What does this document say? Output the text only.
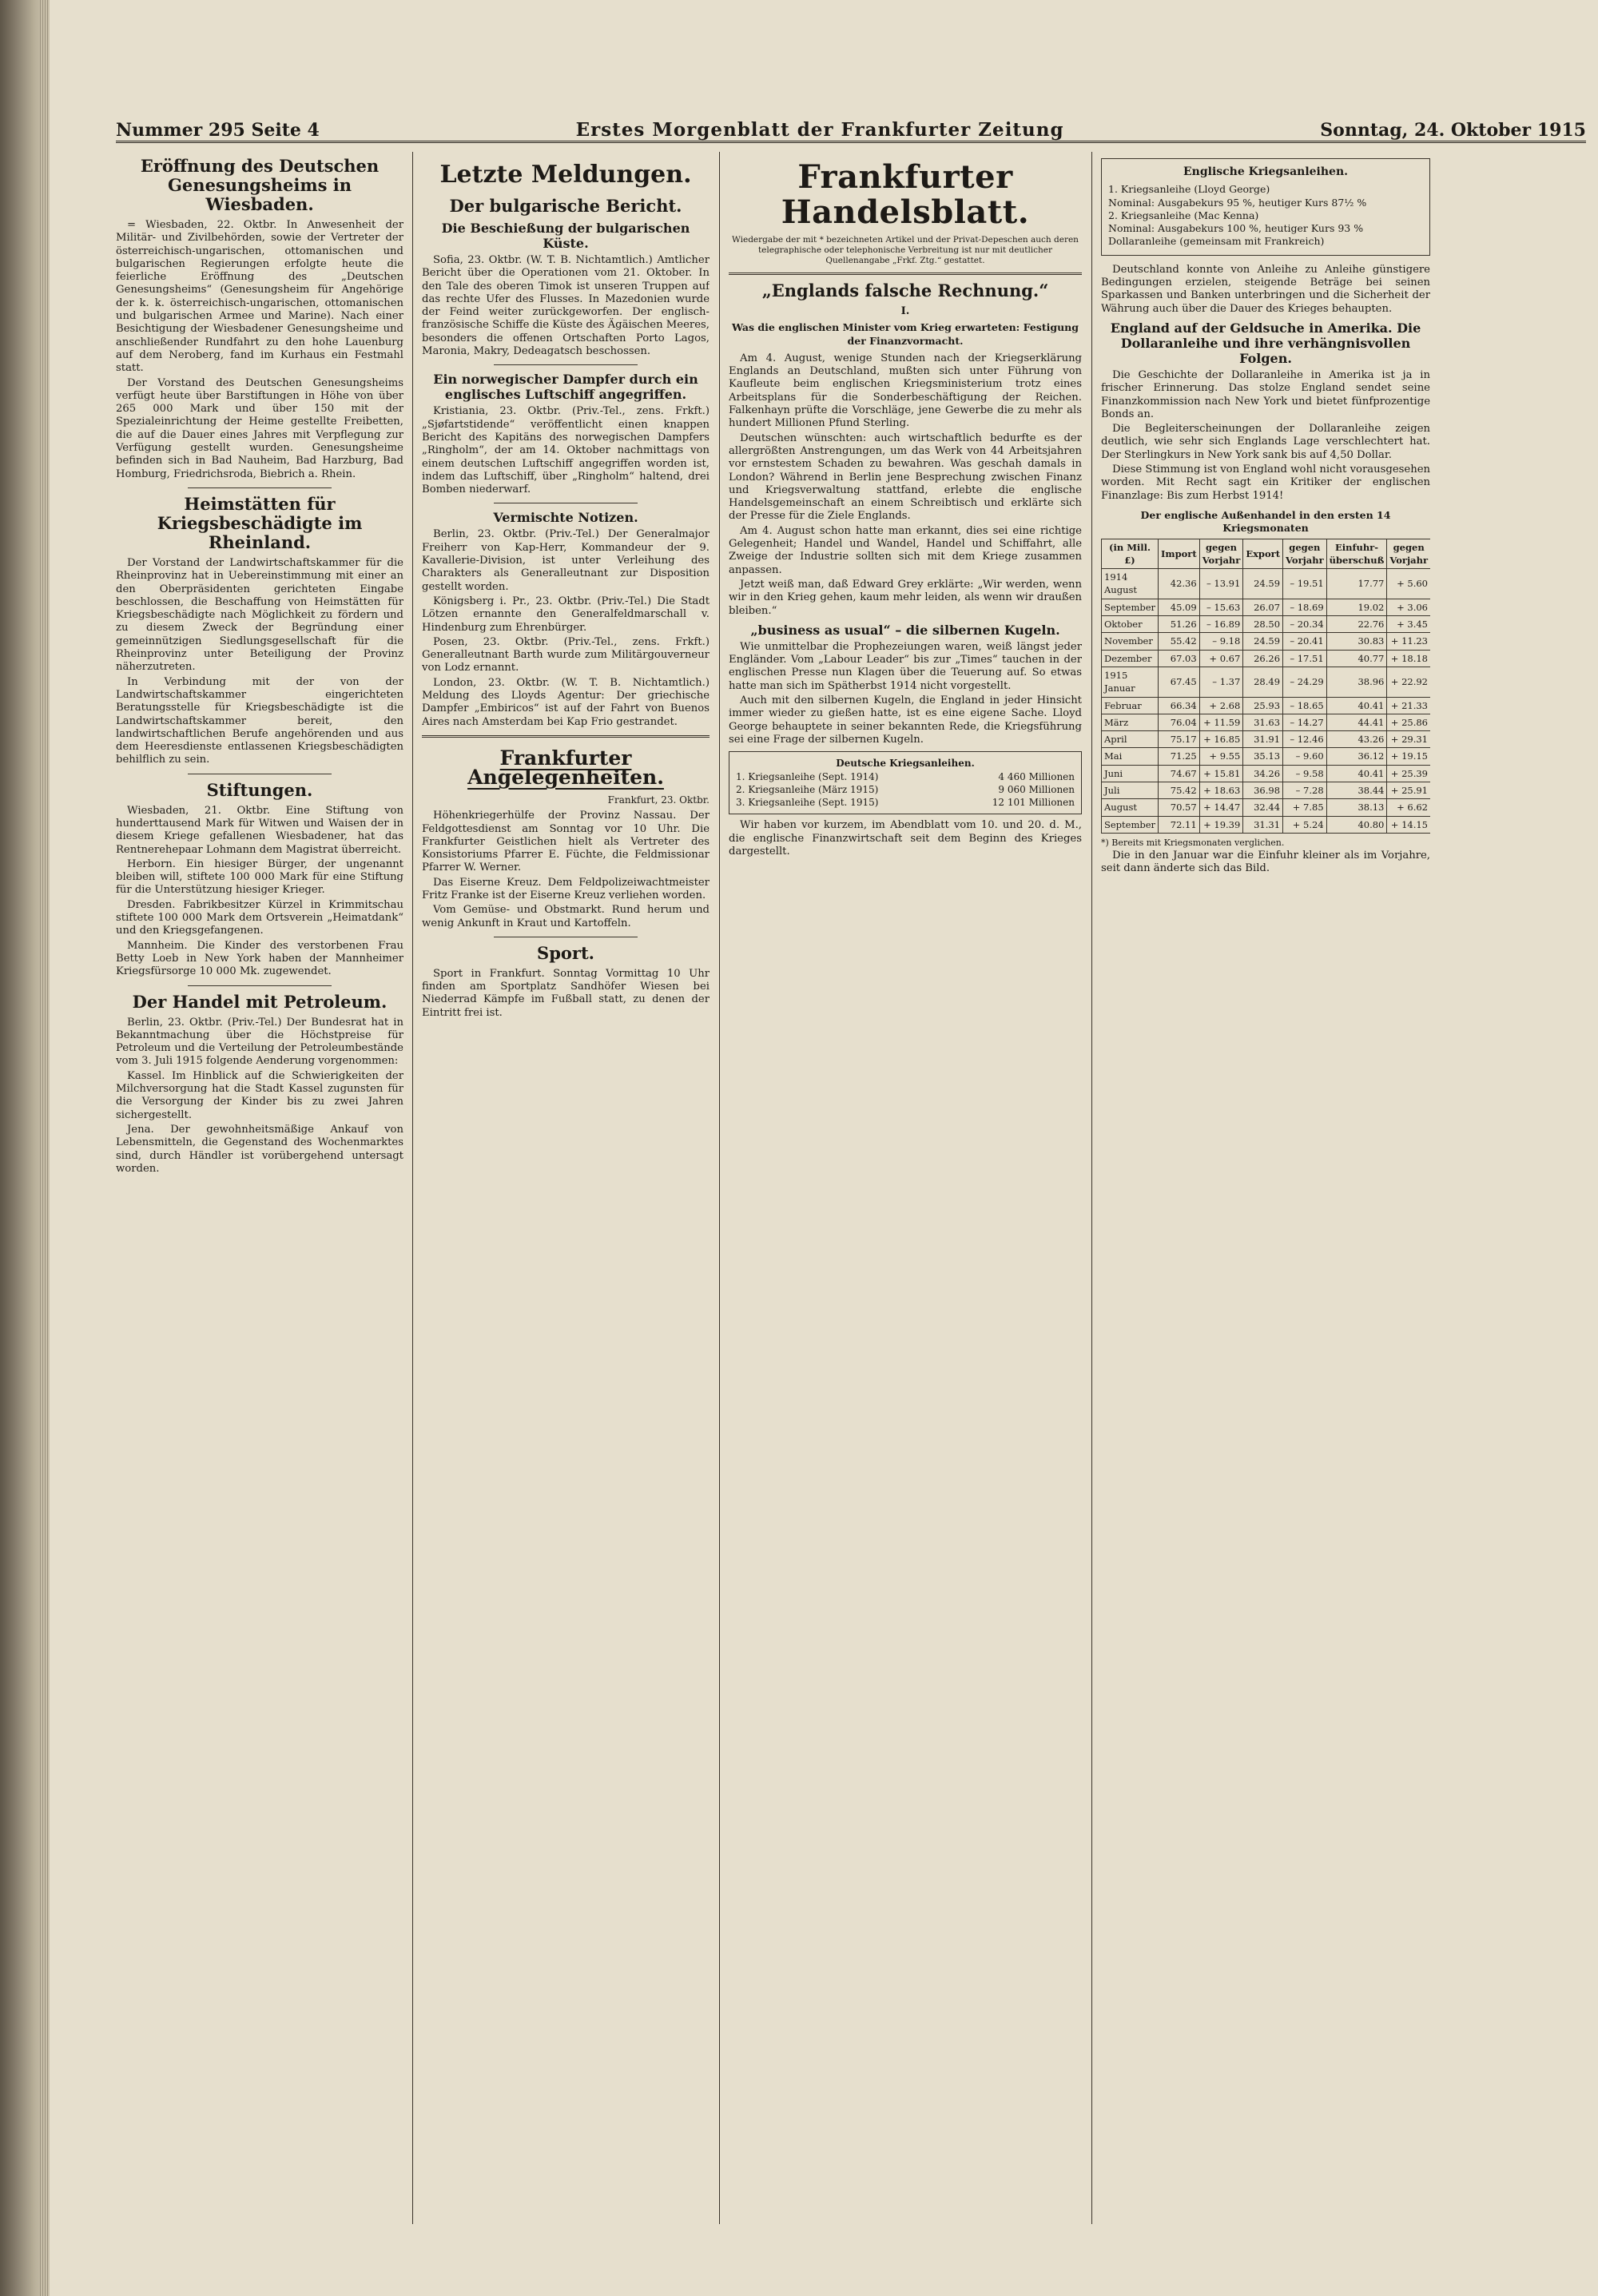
Nummer 295 Seite 4	Erstes Morgenblatt der Frankfurter Zeitung	Sonntag, 24. Oktober 1915
Eröffnung des Deutschen Genesungsheims in Wiesbaden.

= Wiesbaden, 22. Oktbr. In Anwesenheit der Militär- und Zivilbehörden, sowie der Vertreter der österreichisch-ungarischen, ottomanischen und bulgarischen Regierungen erfolgte heute die feierliche Eröffnung des „Deutschen Genesungsheims“ (Genesungsheim für Angehörige der k. k. österreichisch-ungarischen, ottomanischen und bulgarischen Armee und Marine). Nach einer Besichtigung der Wiesbadener Genesungsheime und anschließender Rundfahrt zu den hohe Lauenburg auf dem Neroberg, fand im Kurhaus ein Festmahl statt.

Der Vorstand des Deutschen Genesungsheims verfügt heute über Barstiftungen in Höhe von über 265 000 Mark und über 150 mit der Spezialeinrichtung der Heime gestellte Freibetten, die auf die Dauer eines Jahres mit Verpflegung zur Verfügung gestellt wurden. Genesungsheime befinden sich in Bad Nauheim, Bad Harzburg, Bad Homburg, Friedrichsroda, Biebrich a. Rhein.

Heimstätten für Kriegsbeschädigte im Rheinland.

Der Vorstand der Landwirtschaftskammer für die Rheinprovinz hat in Uebereinstimmung mit einer an den Oberpräsidenten gerichteten Eingabe beschlossen, die Beschaffung von Heimstätten für Kriegsbeschädigte nach Möglichkeit zu fördern und zu diesem Zweck der Begründung einer gemeinnützigen Siedlungsgesellschaft für die Rheinprovinz unter Beteiligung der Provinz näherzutreten.

In Verbindung mit der von der Landwirtschaftskammer eingerichteten Beratungsstelle für Kriegsbeschädigte ist die Landwirtschaftskammer bereit, den landwirtschaftlichen Berufe angehörenden und aus dem Heeresdienste entlassenen Kriegsbeschädigten behilflich zu sein.

Stiftungen.

Wiesbaden, 21. Oktbr. Eine Stiftung von hunderttausend Mark für Witwen und Waisen der in diesem Kriege gefallenen Wiesbadener, hat das Rentnerehepaar Lohmann dem Magistrat überreicht.

Herborn. Ein hiesiger Bürger, der ungenannt bleiben will, stiftete 100 000 Mark für eine Stiftung für die Unterstützung hiesiger Krieger.

Dresden. Fabrikbesitzer Kürzel in Krimmitschau stiftete 100 000 Mark dem Ortsverein „Heimatdank“ und den Kriegsgefangenen.

Mannheim. Die Kinder des verstorbenen Frau Betty Loeb in New York haben der Mannheimer Kriegsfürsorge 10 000 Mk. zugewendet.

Der Handel mit Petroleum.

Berlin, 23. Oktbr. (Priv.-Tel.) Der Bundesrat hat in Bekanntmachung über die Höchstpreise für Petroleum und die Verteilung der Petroleumbestände vom 3. Juli 1915 folgende Aenderung vorgenommen:

Kassel. Im Hinblick auf die Schwierigkeiten der Milchversorgung hat die Stadt Kassel zugunsten für die Versorgung der Kinder bis zu zwei Jahren sichergestellt.

Jena. Der gewohnheitsmäßige Ankauf von Lebensmitteln, die Gegenstand des Wochenmarktes sind, durch Händler ist vorübergehend untersagt worden.

Letzte Meldungen.
Der bulgarische Bericht.
Die Beschießung der bulgarischen Küste.

Sofia, 23. Oktbr. (W. T. B. Nichtamtlich.) Amtlicher Bericht über die Operationen vom 21. Oktober. In den Tale des oberen Timok ist unseren Truppen auf das rechte Ufer des Flusses. In Mazedonien wurde der Feind weiter zurückgeworfen. Der englisch-französische Schiffe die Küste des Ägäischen Meeres, besonders die offenen Ortschaften Porto Lagos, Maronia, Makry, Dedeagatsch beschossen.

Ein norwegischer Dampfer durch ein englisches Luftschiff angegriffen.

Kristiania, 23. Oktbr. (Priv.-Tel., zens. Frkft.) „Sjøfartstidende“ veröffentlicht einen knappen Bericht des Kapitäns des norwegischen Dampfers „Ringholm“, der am 14. Oktober nachmittags von einem deutschen Luftschiff angegriffen worden ist, indem das Luftschiff, über „Ringholm“ haltend, drei Bomben niederwarf.

Vermischte Notizen.

Berlin, 23. Oktbr. (Priv.-Tel.) Der Generalmajor Freiherr von Kap-Herr, Kommandeur der 9. Kavallerie-Division, ist unter Verleihung des Charakters als Generalleutnant zur Disposition gestellt worden.

Königsberg i. Pr., 23. Oktbr. (Priv.-Tel.) Die Stadt Lötzen ernannte den Generalfeldmarschall v. Hindenburg zum Ehrenbürger.

Posen, 23. Oktbr. (Priv.-Tel., zens. Frkft.) Generalleutnant Barth wurde zum Militärgouverneur von Lodz ernannt.

London, 23. Oktbr. (W. T. B. Nichtamtlich.) Meldung des Lloyds Agentur: Der griechische Dampfer „Embiricos“ ist auf der Fahrt von Buenos Aires nach Amsterdam bei Kap Frio gestrandet.

Frankfurter Angelegenheiten.
Frankfurt, 23. Oktbr.

Höhenkriegerhülfe der Provinz Nassau. Der Feldgottesdienst am Sonntag vor 10 Uhr. Die Frankfurter Geistlichen hielt als Vertreter des Konsistoriums Pfarrer E. Füchte, die Feldmissionar Pfarrer W. Werner.

Das Eiserne Kreuz. Dem Feldpolizeiwachtmeister Fritz Franke ist der Eiserne Kreuz verliehen worden.

Vom Gemüse- und Obstmarkt. Rund herum und wenig Ankunft in Kraut und Kartoffeln.

Sport.

Sport in Frankfurt. Sonntag Vormittag 10 Uhr finden am Sportplatz Sandhöfer Wiesen bei Niederrad Kämpfe im Fußball statt, zu denen der Eintritt frei ist.

Frankfurter Handelsblatt.
Wiedergabe der mit * bezeichneten Artikel und der Privat-Depeschen auch deren telegraphische oder telephonische Verbreitung ist nur mit deutlicher Quellenangabe „Frkf. Ztg.“ gestattet.
„Englands falsche Rechnung.“
I.
Was die englischen Minister vom Krieg erwarteten: Festigung der Finanzvormacht.

Am 4. August, wenige Stunden nach der Kriegserklärung Englands an Deutschland, mußten sich unter Führung von Kaufleute beim englischen Kriegsministerium trotz eines Arbeitsplans für die Sonderbeschäftigung der Reichen. Falkenhayn prüfte die Vorschläge, jene Gewerbe die zu mehr als hundert Millionen Pfund Sterling.

Deutschen wünschten: auch wirtschaftlich bedurfte es der allergrößten Anstrengungen, um das Werk von 44 Arbeitsjahren vor ernstestem Schaden zu bewahren. Was geschah damals in London? Während in Berlin jene Besprechung zwischen Finanz und Kriegsverwaltung stattfand, erlebte die englische Handelsgemeinschaft an einem Schreibtisch und erklärte sich der Presse für die Ziele Englands.

Am 4. August schon hatte man erkannt, dies sei eine richtige Gelegenheit; Handel und Wandel, Handel und Schiffahrt, alle Zweige der Industrie sollten sich mit dem Kriege zusammen anpassen.

Jetzt weiß man, daß Edward Grey erklärte: „Wir werden, wenn wir in den Krieg gehen, kaum mehr leiden, als wenn wir draußen bleiben.“

„business as usual“ – die silbernen Kugeln.

Wie unmittelbar die Prophezeiungen waren, weiß längst jeder Engländer. Vom „Labour Leader“ bis zur „Times“ tauchen in der englischen Presse nun Klagen über die Teuerung auf. So etwas hatte man sich im Spätherbst 1914 nicht vorgestellt.

Auch mit den silbernen Kugeln, die England in jeder Hinsicht immer wieder zu gießen hatte, ist es eine eigene Sache. Lloyd George behauptete in seiner bekannten Rede, die Kriegsführung sei eine Frage der silbernen Kugeln.

Deutsche Kriegsanleihen.
1. Kriegsanleihe (Sept. 1914)	4 460 Millionen
2. Kriegsanleihe (März 1915)	9 060 Millionen
3. Kriegsanleihe (Sept. 1915)	12 101 Millionen

Wir haben vor kurzem, im Abendblatt vom 10. und 20. d. M., die englische Finanzwirtschaft seit dem Beginn des Krieges dargestellt.

Englische Kriegsanleihen.
1. Kriegsanleihe (Lloyd George)
Nominal: Ausgabekurs 95 %, heutiger Kurs 87½ %
2. Kriegsanleihe (Mac Kenna)
Nominal: Ausgabekurs 100 %, heutiger Kurs 93 %
Dollaranleihe (gemeinsam mit Frankreich)

Deutschland konnte von Anleihe zu Anleihe günstigere Bedingungen erzielen, steigende Beträge bei seinen Sparkassen und Banken unterbringen und die Sicherheit der Währung auch über die Dauer des Krieges behaupten.

England auf der Geldsuche in Amerika. Die Dollaranleihe und ihre verhängnisvollen Folgen.

Die Geschichte der Dollaranleihe in Amerika ist ja in frischer Erinnerung. Das stolze England sendet seine Finanzkommission nach New York und bietet fünfprozentige Bonds an.

Die Begleiterscheinungen der Dollaranleihe zeigen deutlich, wie sehr sich Englands Lage verschlechtert hat. Der Sterlingkurs in New York sank bis auf 4,50 Dollar.

Diese Stimmung ist von England wohl nicht vorausgesehen worden. Mit Recht sagt ein Kritiker der englischen Finanzlage: Bis zum Herbst 1914!

Der englische Außenhandel in den ersten 14 Kriegsmonaten
(in Mill. £)	Import	gegen Vorjahr	Export	gegen Vorjahr	Einfuhr-überschuß	gegen Vorjahr
1914 August	42.36	– 13.91	24.59	– 19.51	17.77	+ 5.60
September	45.09	– 15.63	26.07	– 18.69	19.02	+ 3.06
Oktober	51.26	– 16.89	28.50	– 20.34	22.76	+ 3.45
November	55.42	– 9.18	24.59	– 20.41	30.83	+ 11.23
Dezember	67.03	+ 0.67	26.26	– 17.51	40.77	+ 18.18
1915 Januar	67.45	– 1.37	28.49	– 24.29	38.96	+ 22.92
Februar	66.34	+ 2.68	25.93	– 18.65	40.41	+ 21.33
März	76.04	+ 11.59	31.63	– 14.27	44.41	+ 25.86
April	75.17	+ 16.85	31.91	– 12.46	43.26	+ 29.31
Mai	71.25	+ 9.55	35.13	– 9.60	36.12	+ 19.15
Juni	74.67	+ 15.81	34.26	– 9.58	40.41	+ 25.39
Juli	75.42	+ 18.63	36.98	– 7.28	38.44	+ 25.91
August	70.57	+ 14.47	32.44	+ 7.85	38.13	+ 6.62
September	72.11	+ 19.39	31.31	+ 5.24	40.80	+ 14.15
*) Bereits mit Kriegsmonaten verglichen.

Die in den Januar war die Einfuhr kleiner als im Vorjahre, seit dann änderte sich das Bild.
